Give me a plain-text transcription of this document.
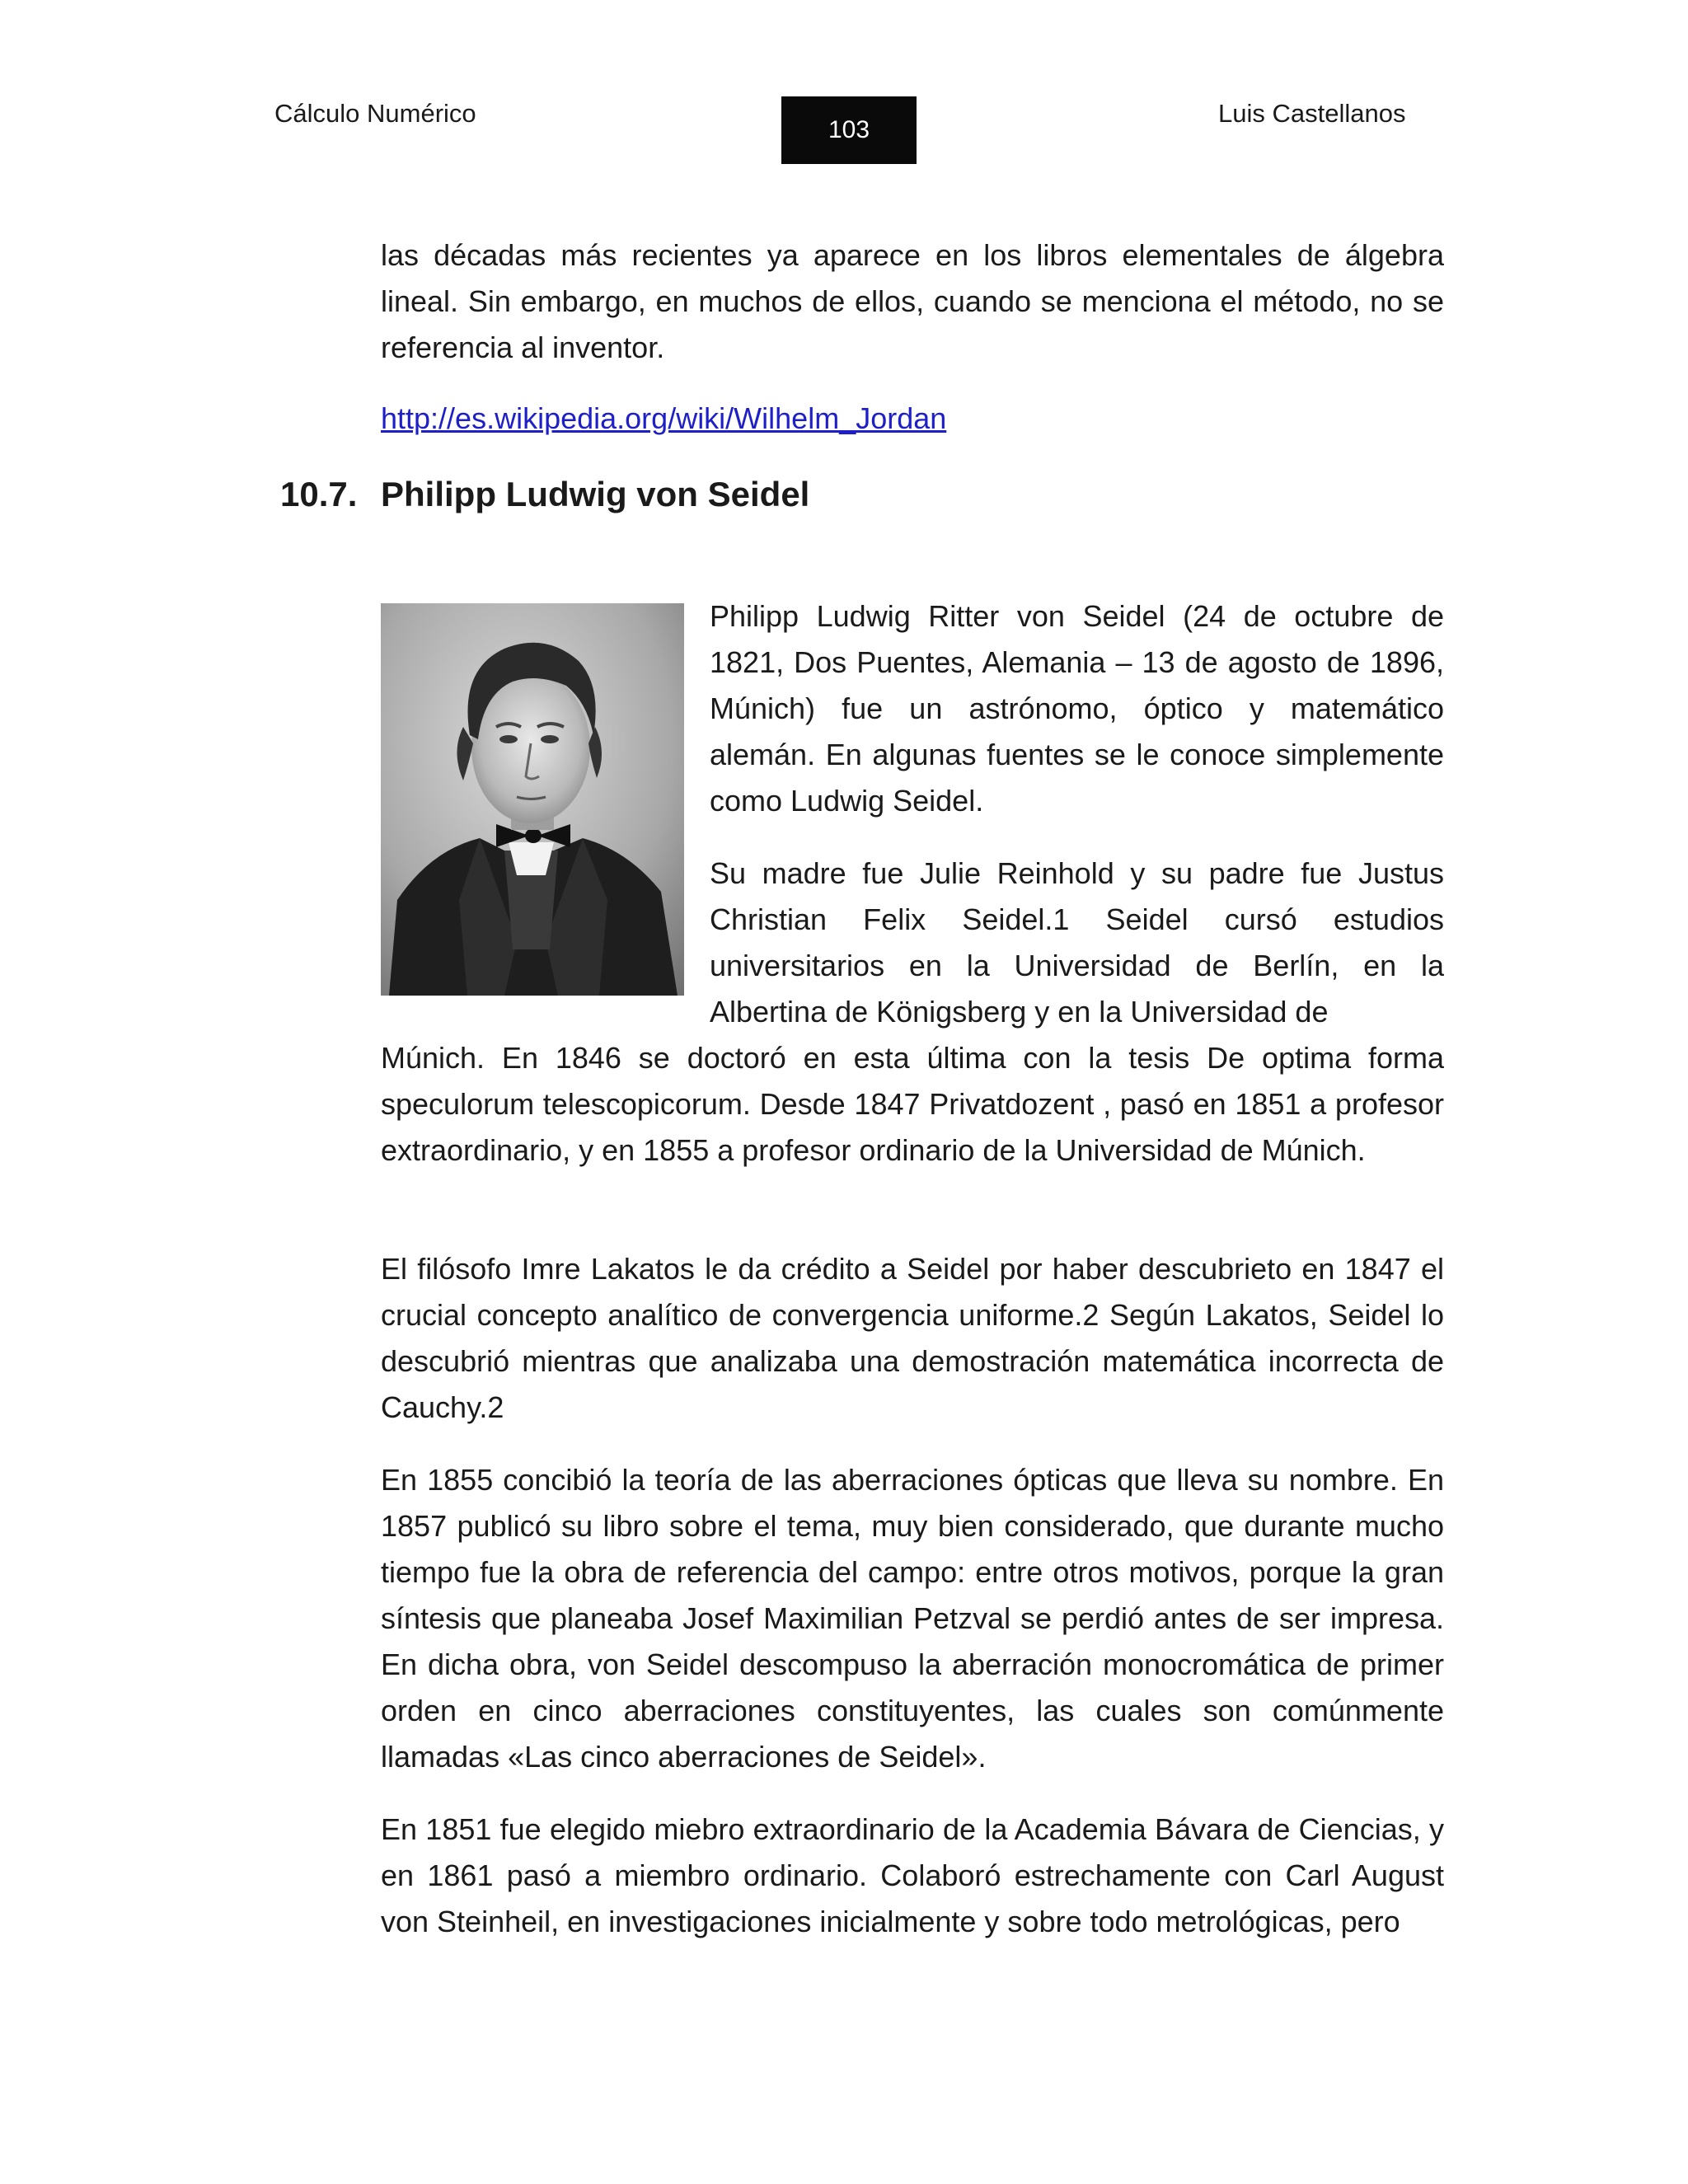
Cálculo Numérico
103
Luis Castellanos

las décadas más recientes ya aparece en los libros elementales de álgebra lineal. Sin embargo, en muchos de ellos, cuando se menciona el método, no se referencia al inventor.

http://es.wikipedia.org/wiki/Wilhelm_Jordan
10.7. Philipp Ludwig von Seidel

Philipp Ludwig Ritter von Seidel (24 de octubre de 1821, Dos Puentes, Alemania – 13 de agosto de 1896, Múnich) fue un astrónomo, óptico y matemático alemán. En algunas fuentes se le conoce simplemente como Ludwig Seidel.

Su madre fue Julie Reinhold y su padre fue Justus Christian Felix Seidel.1 Seidel cursó estudios universitarios en la Universidad de Berlín, en la Albertina de Königsberg y en la Universidad de

Múnich. En 1846 se doctoró en esta última con la tesis De optima forma speculorum telescopicorum. Desde 1847 Privatdozent , pasó en 1851 a profesor extraordinario, y en 1855 a profesor ordinario de la Universidad de Múnich.

El filósofo Imre Lakatos le da crédito a Seidel por haber descubrieto en 1847 el crucial concepto analítico de convergencia uniforme.2 Según Lakatos, Seidel lo descubrió mientras que analizaba una demostración matemática incorrecta de Cauchy.2

En 1855 concibió la teoría de las aberraciones ópticas que lleva su nombre. En 1857 publicó su libro sobre el tema, muy bien considerado, que durante mucho tiempo fue la obra de referencia del campo: entre otros motivos, porque la gran síntesis que planeaba Josef Maximilian Petzval se perdió antes de ser impresa. En dicha obra, von Seidel descompuso la aberración monocromática de primer orden en cinco aberraciones constituyentes, las cuales son comúnmente llamadas «Las cinco aberraciones de Seidel».

En 1851 fue elegido miebro extraordinario de la Academia Bávara de Ciencias, y en 1861 pasó a miembro ordinario. Colaboró estrechamente con Carl August von Steinheil, en investigaciones inicialmente y sobre todo metrológicas, pero
